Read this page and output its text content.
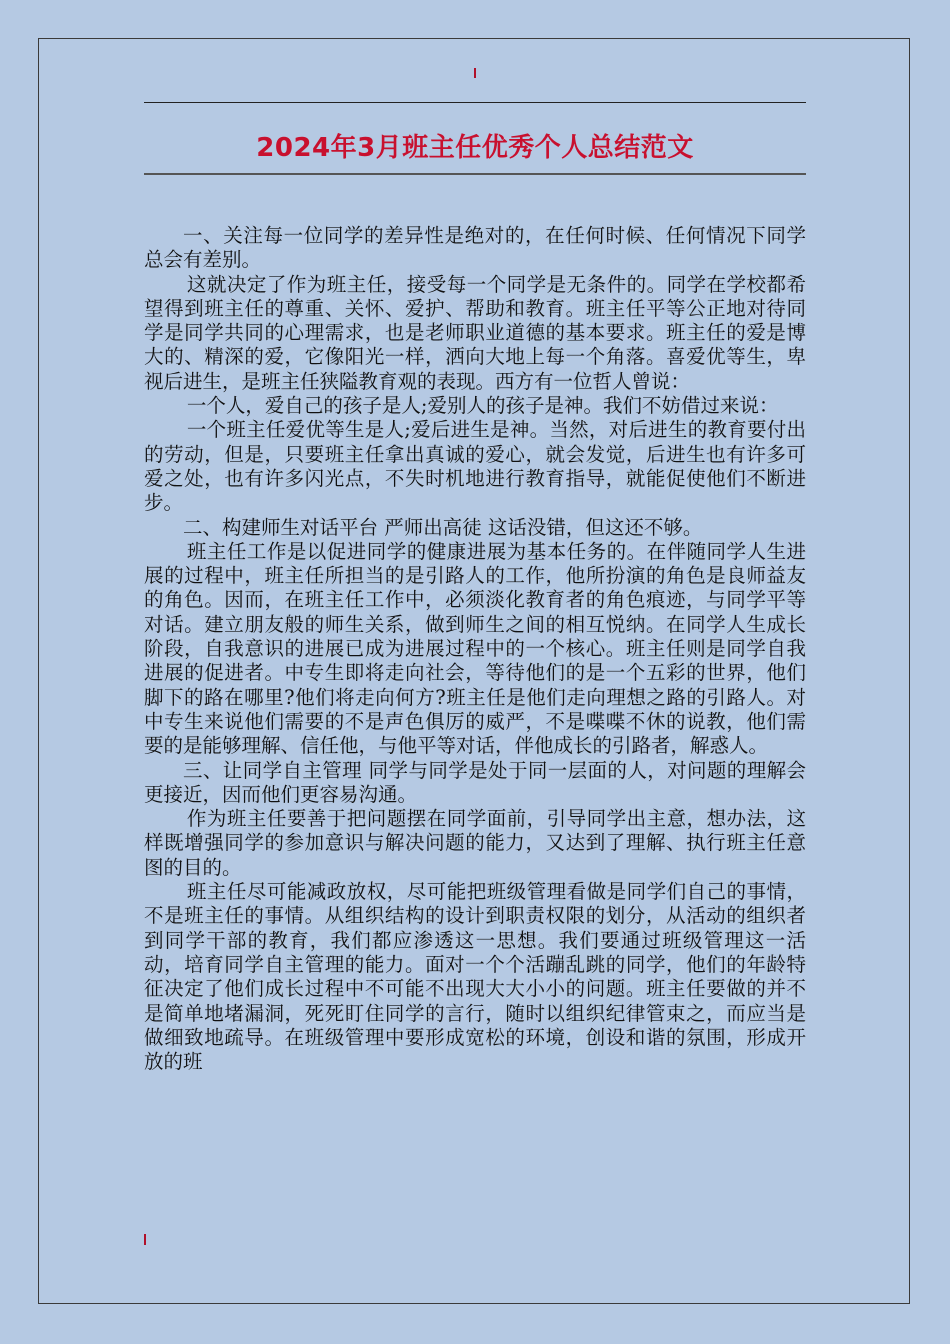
2024年3月班主任优秀个人总结范文

一、关注每一位同学的差异性是绝对的，在任何时候、任何情况下同学总会有差别。

这就决定了作为班主任，接受每一个同学是无条件的。同学在学校都希望得到班主任的尊重、关怀、爱护、帮助和教育。班主任平等公正地对待同学是同学共同的心理需求，也是老师职业道德的基本要求。班主任的爱是博大的、精深的爱，它像阳光一样，洒向大地上每一个角落。喜爱优等生，卑视后进生，是班主任狭隘教育观的表现。西方有一位哲人曾说：

一个人，爱自己的孩子是人;爱别人的孩子是神。我们不妨借过来说：

一个班主任爱优等生是人;爱后进生是神。当然，对后进生的教育要付出的劳动，但是，只要班主任拿出真诚的爱心，就会发觉，后进生也有许多可爱之处，也有许多闪光点，不失时机地进行教育指导，就能促使他们不断进步。

二、构建师生对话平台 严师出高徒 这话没错，但这还不够。

班主任工作是以促进同学的健康进展为基本任务的。在伴随同学人生进展的过程中，班主任所担当的是引路人的工作，他所扮演的角色是良师益友的角色。因而，在班主任工作中，必须淡化教育者的角色痕迹，与同学平等对话。建立朋友般的师生关系，做到师生之间的相互悦纳。在同学人生成长阶段，自我意识的进展已成为进展过程中的一个核心。班主任则是同学自我进展的促进者。中专生即将走向社会，等待他们的是一个五彩的世界，他们脚下的路在哪里?他们将走向何方?班主任是他们走向理想之路的引路人。对中专生来说他们需要的不是声色俱厉的威严，不是喋喋不休的说教，他们需要的是能够理解、信任他，与他平等对话，伴他成长的引路者，解惑人。

三、让同学自主管理 同学与同学是处于同一层面的人，对问题的理解会更接近，因而他们更容易沟通。

作为班主任要善于把问题摆在同学面前，引导同学出主意，想办法，这样既增强同学的参加意识与解决问题的能力，又达到了理解、执行班主任意图的目的。

班主任尽可能减政放权，尽可能把班级管理看做是同学们自己的事情，不是班主任的事情。从组织结构的设计到职责权限的划分，从活动的组织者到同学干部的教育，我们都应渗透这一思想。我们要通过班级管理这一活动，培育同学自主管理的能力。面对一个个活蹦乱跳的同学，他们的年龄特征决定了他们成长过程中不可能不出现大大小小的问题。班主任要做的并不是简单地堵漏洞，死死盯住同学的言行，随时以组织纪律管束之，而应当是做细致地疏导。在班级管理中要形成宽松的环境，创设和谐的氛围，形成开放的班
